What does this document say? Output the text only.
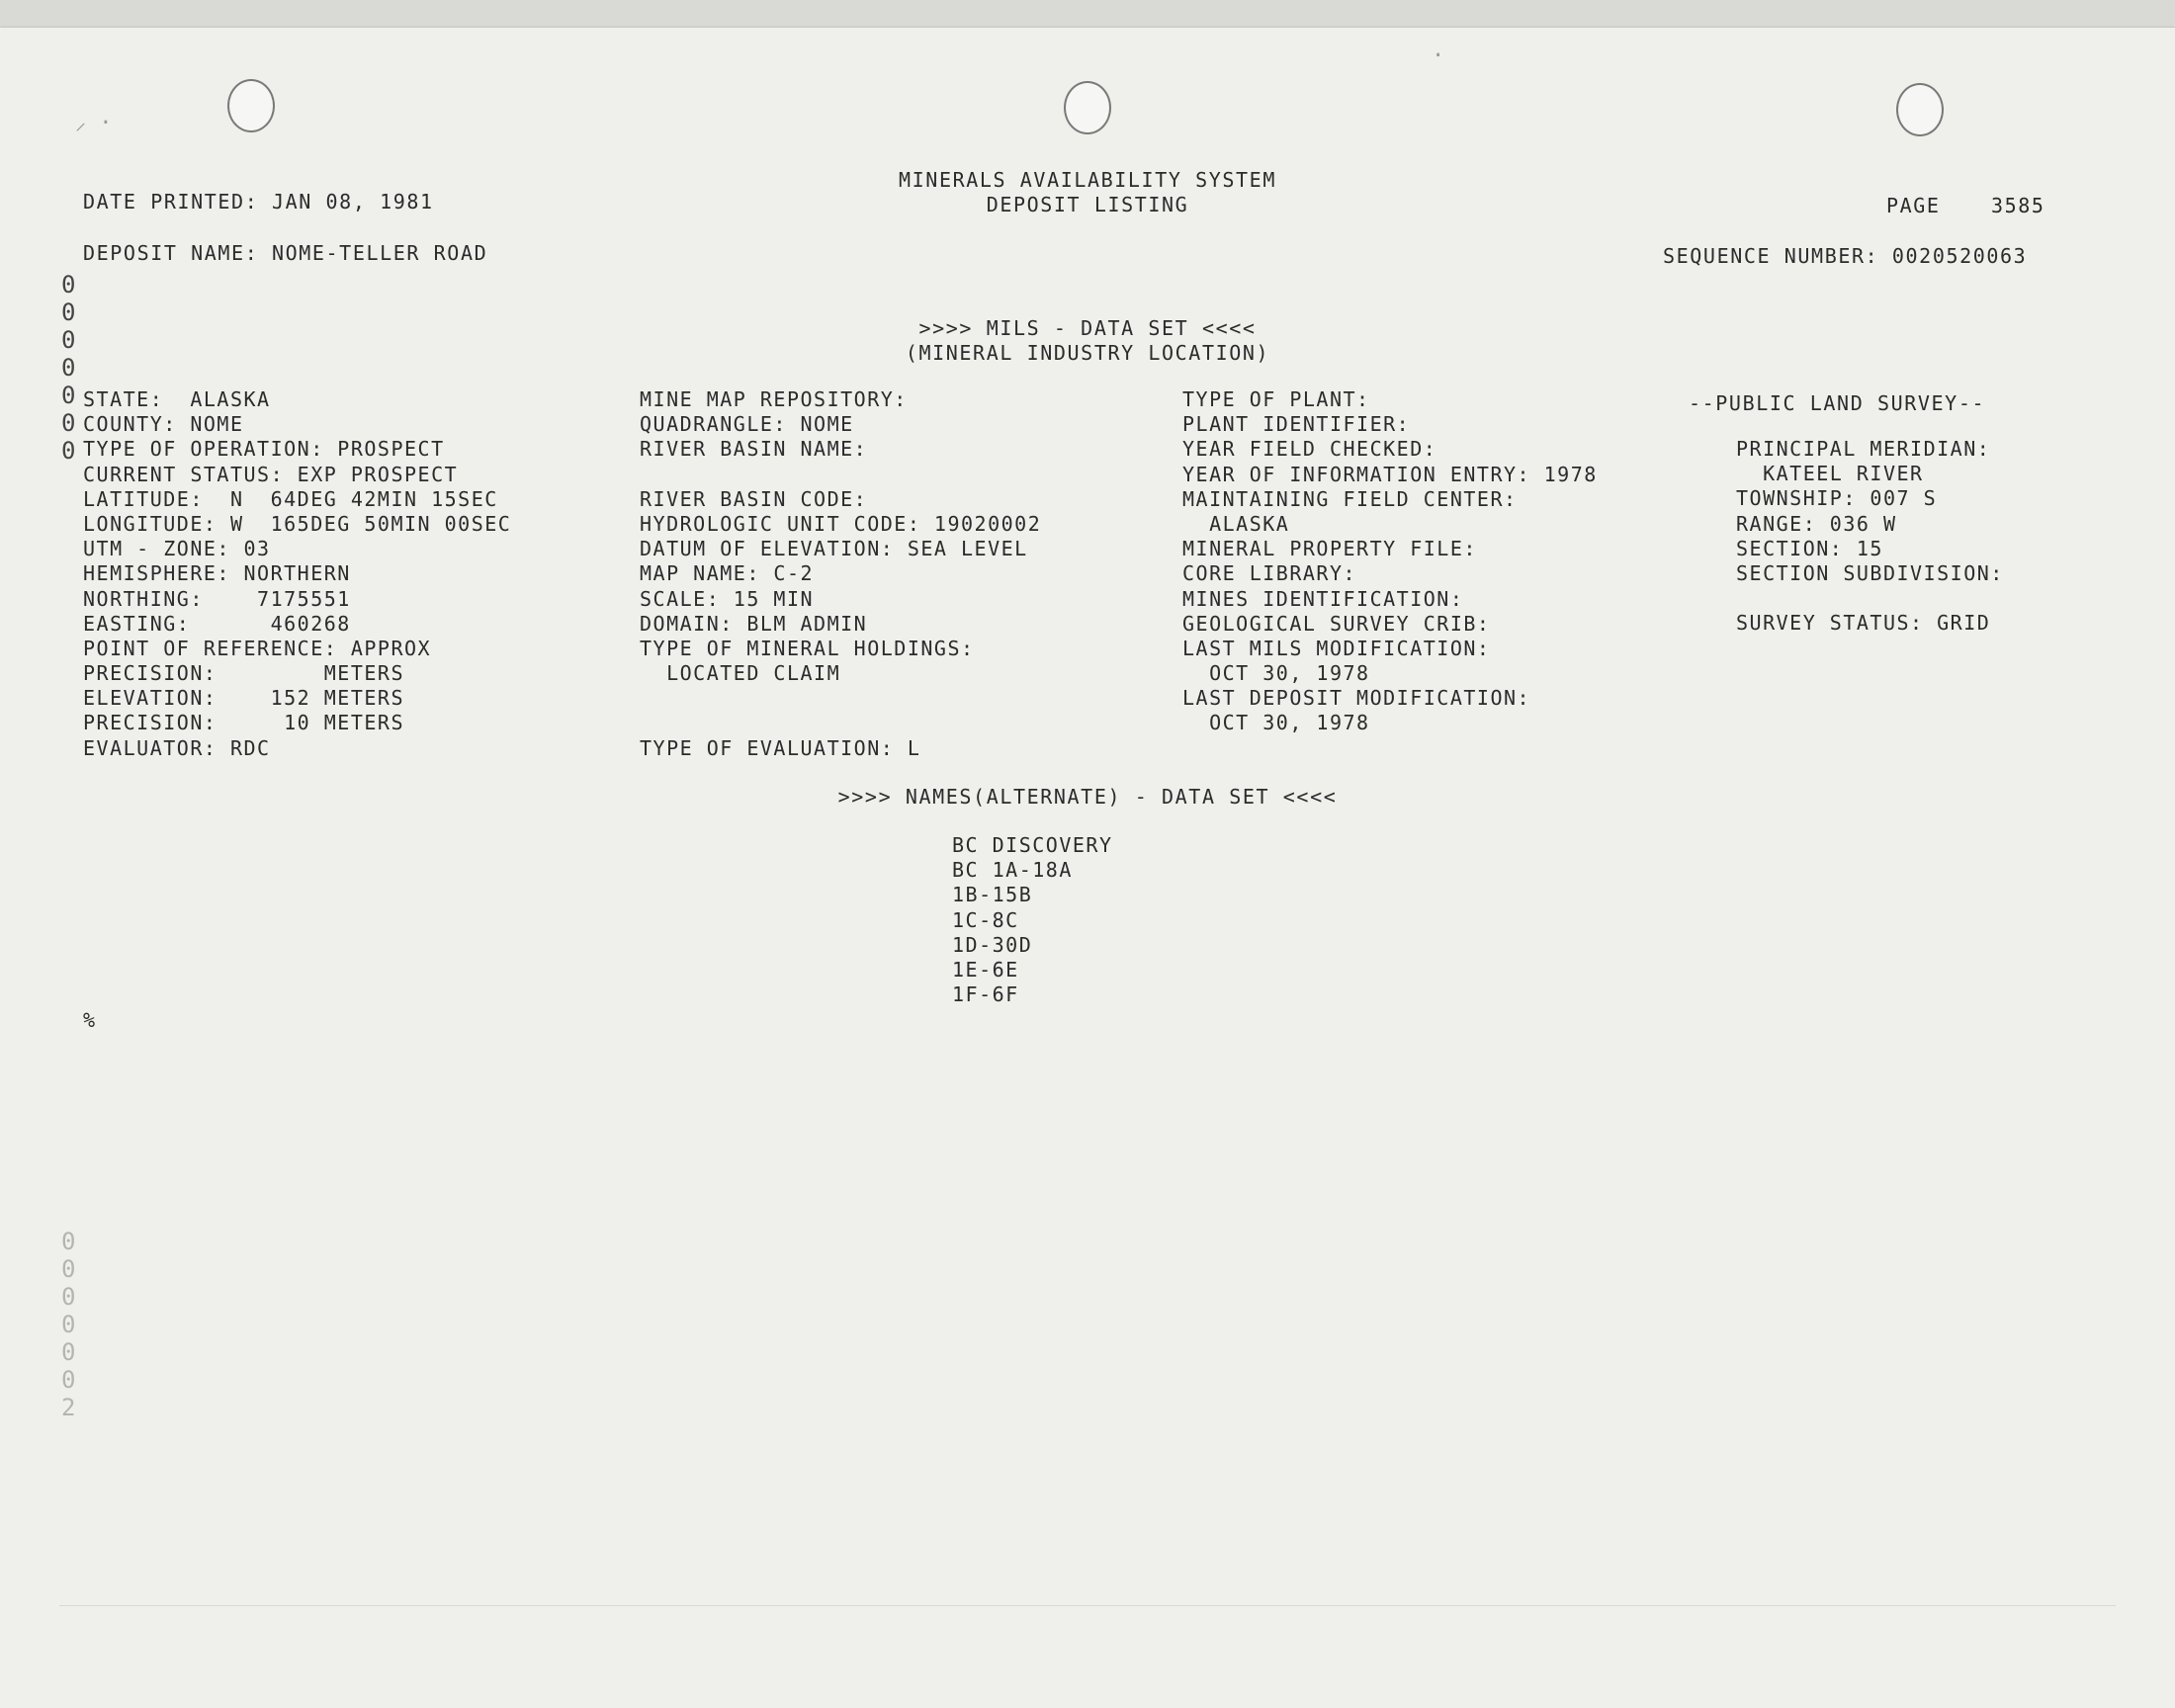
⸝ ·
·
DATE PRINTED: JAN 08, 1981
MINERALS AVAILABILITY SYSTEM
DEPOSIT LISTING	PAGE	3585
DEPOSIT NAME: NOME-TELLER ROAD	SEQUENCE NUMBER: 0020520063
0
0
0
0
0
0
0
0
0
0
0
0
0
2
>>>> MILS - DATA SET <<<<
(MINERAL INDUSTRY LOCATION)
STATE:  ALASKA
COUNTY: NOME
TYPE OF OPERATION: PROSPECT
CURRENT STATUS: EXP PROSPECT
LATITUDE:  N  64DEG 42MIN 15SEC
LONGITUDE: W  165DEG 50MIN 00SEC
UTM - ZONE: 03
HEMISPHERE: NORTHERN
NORTHING:    7175551
EASTING:      460268
POINT OF REFERENCE: APPROX
PRECISION:        METERS
ELEVATION:    152 METERS
PRECISION:     10 METERS
EVALUATOR: RDC
MINE MAP REPOSITORY:
QUADRANGLE: NOME
RIVER BASIN NAME:
RIVER BASIN CODE:
HYDROLOGIC UNIT CODE: 19020002
DATUM OF ELEVATION: SEA LEVEL
MAP NAME: C-2
SCALE: 15 MIN
DOMAIN: BLM ADMIN
TYPE OF MINERAL HOLDINGS:
LOCATED CLAIM
TYPE OF EVALUATION: L
TYPE OF PLANT:
PLANT IDENTIFIER:
YEAR FIELD CHECKED:
YEAR OF INFORMATION ENTRY: 1978
MAINTAINING FIELD CENTER:
ALASKA
MINERAL PROPERTY FILE:
CORE LIBRARY:
MINES IDENTIFICATION:
GEOLOGICAL SURVEY CRIB:
LAST MILS MODIFICATION:
OCT 30, 1978
LAST DEPOSIT MODIFICATION:
OCT 30, 1978
--PUBLIC LAND SURVEY--
PRINCIPAL MERIDIAN:
KATEEL RIVER
TOWNSHIP: 007 S
RANGE: 036 W
SECTION: 15
SECTION SUBDIVISION:
SURVEY STATUS: GRID
>>>> NAMES(ALTERNATE) - DATA SET <<<<
BC DISCOVERY
BC 1A-18A
1B-15B
1C-8C
1D-30D
1E-6E
1F-6F
%
